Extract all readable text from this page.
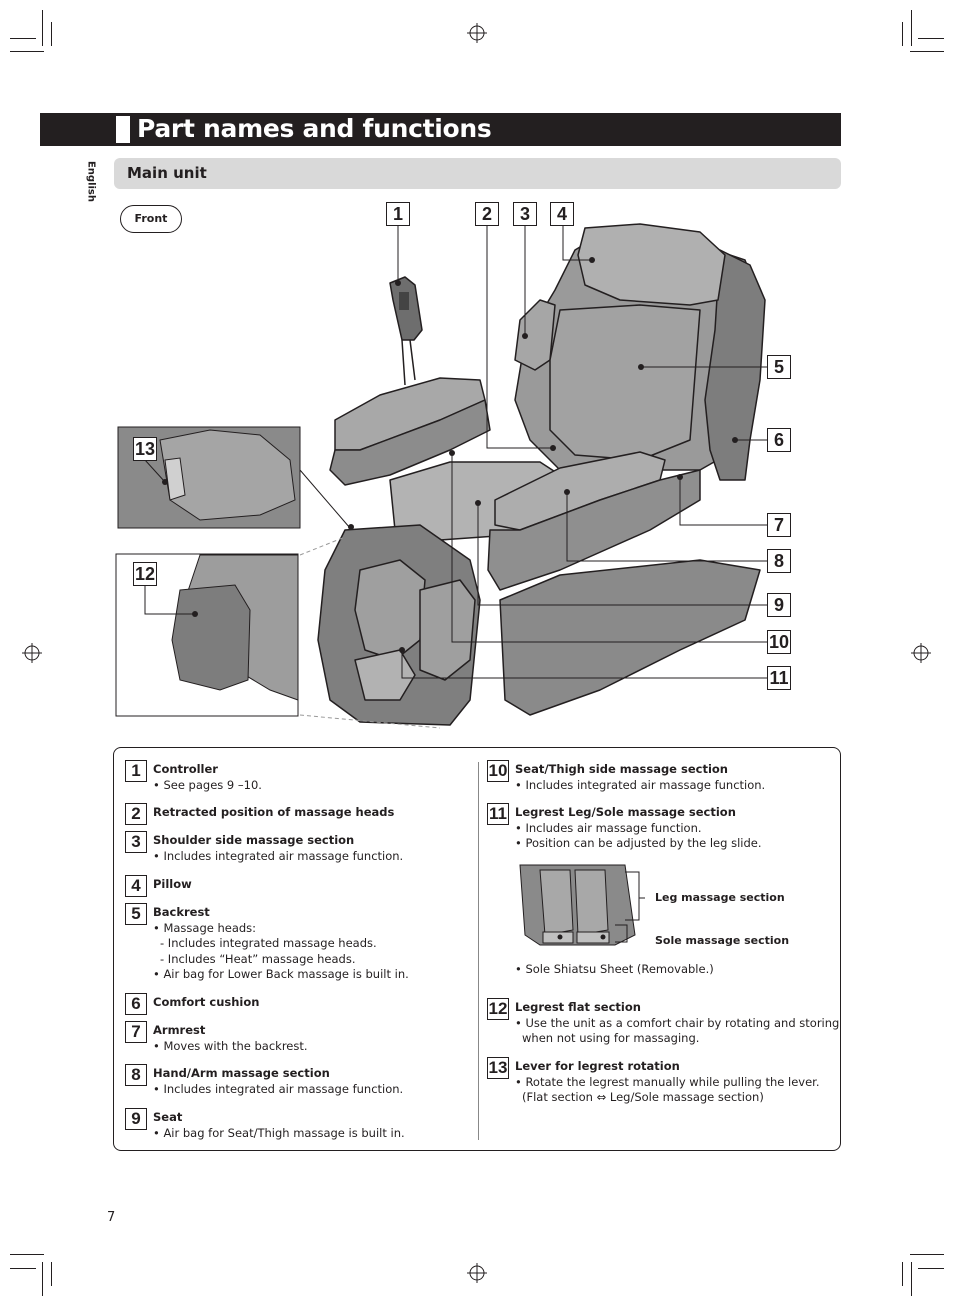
Part names and functions
English Main unit
Front	1	2	3	4
5
6
7
8
9
10
11
12
13
1	Controller
• See pages 9 –10.
2	Retracted position of massage heads
3	Shoulder side massage section
• Includes integrated air massage function.
4	Pillow
5	Backrest
• Massage heads:
- Includes integrated massage heads.
- Includes “Heat” massage heads.
• Air bag for Lower Back massage is built in.
6	Comfort cushion
7	Armrest
• Moves with the backrest.
8	Hand/Arm massage section
• Includes integrated air massage function.
9	Seat
• Air bag for Seat/Thigh massage is built in.
10 Seat/Thigh side massage section
• Includes integrated air massage function.
11 Legrest Leg/Sole massage section
• Includes air massage function.
• Position can be adjusted by the leg slide.
Leg massage section
Sole massage section
• Sole Shiatsu Sheet (Removable.)
12 Legrest flat section
• Use the unit as a comfort chair by rotating and storing
when not using for massaging.
13 Lever for legrest rotation
• Rotate the legrest manually while pulling the lever.
(Flat section ⇔ Leg/Sole massage section)
7
